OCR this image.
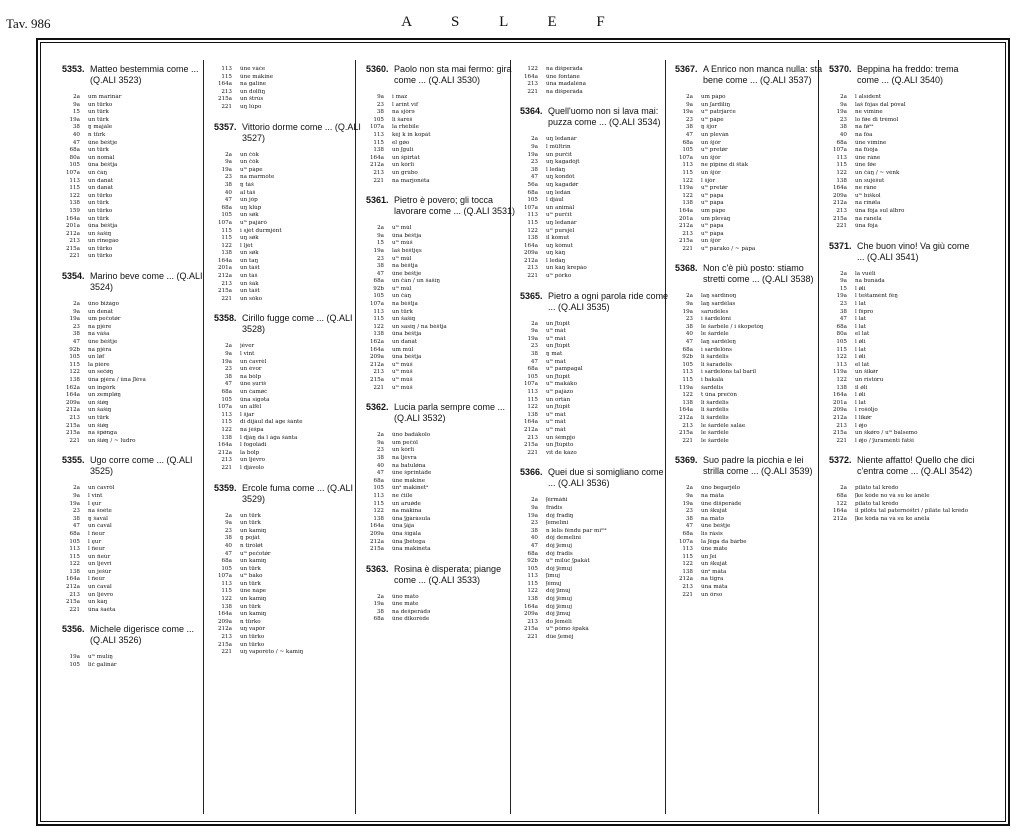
Tav. 986	A S L E F
5353. Matteo bestemmia come ... (Q.ALI 3523)
2a	um marinàr
9a	un türko
15	un türk
19a	un türk
38	ŋ majàle
40	n türk
47	ûne bèštje
68a	un türk
80a	un nomàl
105	ûna bèštja
107a	un čàŋ
113	un danàt
115	un danàt
122	un türko
138	un türk
159	un türko
164a	un türk
201a	ûna bèštja
212a	un šašìŋ
213	un rinegào
215a	un türko
221	un türko
5354. Marino beve come ... (Q.ALI 3524)
2a	ûno bižàgo
9a	un denàt
19a	um peĉotǿr
23	na pjère
38	na vàša
47	ûne bèštje
92b	na pjèra
105	un lǿf
115	la pière
122	un seĉǿŋ
138	ûna pjèra / ûna ʃlèva
162a	un ingòrk
164a	un zemplǿŋ
209a	un šiǿŋ
212a	un šašìŋ
213	un türk
215a	un šiǿŋ
215a	na špǿnga
221	un šiǿŋ / ~ lùdro
5355. Ugo corre come ... (Q.ALI 3525)
2a	un ćavròl
9a	l vint
19a	l ęur
23	na šoète
38	ŋ šavàl
47	un ćavàl
68a	l ñeur
105	l ęur
113	l ñeur
115	un ñeùr
122	un ljèvri
138	un ješùr
164a	l ñeùr
212a	un ćavàl
213	un ljèvro
215a	un kàŋ
221	ûna šaèta
5356. Michele digerisce come ... (Q.ALI 3526)
19a	uᵐ mulìŋ
105	lič galinàr
113	ûne vàće
115	ûne màkine
164a	na galìne
213	un dolfìŋ
215a	un štrùs
221	uŋ lùpo
5357. Vittorio dorme come ... (Q.ALI 3527)
2a	un čòk
9a	un čòk
19a	uᵐ pàpe
23	na marmòte
38	ŋ tàš
40	al tàš
47	un jòp
68a	uŋ klùp
105	un sǿk
107a	uᵐ pajàrò
115	i sjèt durmjènt
115	uŋ sǿk
122	l ljèt
138	un sǿk
164a	un taŋ
201a	un tàšt
212a	un tàš
213	un šàk
215a	un tàšt
221	un sòko
5358. Cirillo fugge come ... (Q.ALI 3528)
2a	jèver
9a	l vint
19a	un ćavrèl
23	un èvor
38	na bòlp
47	ûne ṣurìš
68a	un ćamǿć
105	ûna sìgǝta
107a	un alfèl
113	l šjar
115	di dijàul dal àge šànte
122	na jèšpa
138	l djàŋ da l àga šànta
164a	l fogolàdi
212a	la bòlp
213	un ljèvro
221	l djàvolo
5359. Ercole fuma come ... (Q.ALI 3529)
2a	un türk
9a	un türk
23	un kamìŋ
38	ŋ pojàt
40	n tiròlǿt
47	uᵐ pečotǿr
68a	un kamìŋ
105	un türk
107a	uᵐ bàko
113	un türk
115	ûne nàpe
122	un kamìŋ
138	un türk
164a	un kamìŋ
209a	n türko
212a	uŋ vapòr
213	un türko
215a	un türko
221	uŋ vaporèto / ~ kamìŋ
5360. Paolo non sta mai fermo: gira come ... (Q.ALI 3530)
9a	i maz
23	l arìnt vìf
38	na sjòrǝ
105	li šarèš
107a	la rhèbile
113	kèj k in kopàt
115	el gǿo
138	un ʃgulì
164a	un špirtàt
212a	un kòrli
213	un grùbo
221	na marjonèta
5361. Pietro è povero; gli tocca lavorare come ... (Q.ALI 3531)
2a	uᵐ mùl
9a	ûna bèštja
15	uᵐ mùš
19a	laš bèštjęs
23	uᵐ mùl
38	na bèštja
47	ûne bèštje
68a	un čàn / un šašìŋ
92b	uᵐ mùl
105	un čàŋ
107a	na bèštja
113	un türk
115	un šašìŋ
122	un sasìŋ / na bèštja
138	ûna bèštja
162a	un danàt
164a	um mùl
209a	ûna bèštja
212a	uᵐ mùš
213	uᵐ mùš
215a	uᵐ mùš
221	uᵐ mùš
5362. Lucia parla sempre come ... (Q.ALI 3532)
2a	ûno badàkolo
9a	um peĉòl
23	un kòrli
38	na ljèvra
40	na batulǿna
47	ûne šprintàde
68a	ûne màkine
105	ûnᵃ makinètᵃ
113	ne čiile
115	un aruǿde
122	na màkina
138	ûna ʃgàràsula
164a	ûna ʃàja
209a	ûna šigàla
212a	ûna ʃbètega
215a	ûna makinèta
5363. Rosina è disperata; piange come ... (Q.ALI 3533)
2a	ûno màto
19a	ûne màte
38	na dešperàdǝ
68a	ûne dikorède
122	na dišperàda
164a	ûne fontàne
213	ûna madalèna
221	na dišperàda
5364. Quell'uomo non si lava mai: puzza come ... (Q.ALI 3534)
2a	uŋ ledanàr
9a	l mültrìn
19a	un purčìt
23	uŋ kagadòjt
38	l ledàŋ
47	uŋ kondòt
56a	uŋ kagadǿr
68a	uŋ ledàn
105	l djàul
107a	un animàl
113	uᵐ purčìt
115	uŋ ledanàr
122	uᵐ pursjèl
138	il kòmut
164a	uŋ kòmut
209a	uŋ kàŋ
212a	l ledàŋ
213	un kàŋ krepào
221	uᵐ pòrko
5365. Pietro a ogni parola ride come ... (Q.ALI 3535)
2a	un ʃtùpit
9a	uᵐ màt
19a	uᵐ màt
23	un ʃtùpit
38	ŋ mat
47	uᵐ màt
68a	uᵐ pampagàl
105	un ʃtùpit
107a	uᵐ makàko
113	uᵐ pajàzo
115	un ortàn
122	un ʃtùpit
138	uᵐ màt
164a	uᵐ màt
212a	uᵐ màt
213	un šèmpjo
215a	un ʃtùpito
221	vìt de kàzo
5366. Quei due si somigliano come ... (Q.ALI 3536)
2a	ʃèrmàńi
9a	fràdis
19a	dòj fràdiŋ
23	ʃemelìni
38	n lèlis fèndu par mìᵐᵏ
40	dòj demelìni
47	dòj ʃemuj
68a	dòj fràdis
92b	uᵐ mìlùć ʃpakàt
105	dòj ʃèmuj
113	ʃìmuj
115	ʃèmuj
122	dòj ʃìmuj
138	dòj ʃèmuj
164a	dòj ʃèmuj
209a	dòj ʃìmuj
213	do ʃemèli
215a	uᵐ pòmo špakà
221	dùe ʃemèj
5367. A Enrico non manca nulla: sta bene come ... (Q.ALI 3537)
2a	um pàpo
9a	un ʃardilìŋ
19a	uᵐ patrjàrće
23	uᵐ pàpe
38	ŋ šjor
47	un plevàn
68a	un šjòr
105	uᵐ pretǿr
107a	un šjòr
113	ne pipìne di štàk
115	un šjòr
122	l šjòr
119a	uᵐ pretǿr
122	uᵐ pàpa
138	uᵐ pàpa
164a	um pàpe
201a	um plevàŋ
212a	uᵐ pàpa
213	uᵐ pàpa
215a	un šjòr
221	uᵐ pàrako / ~ pàpa
5368. Non c'è più posto: stiamo stretti come ... (Q.ALI 3538)
2a	laŋ sardìnoŋ
9a	laŋ sardèlas
19a	sarudèles
23	i šardelòni
38	le šarbèle / i škopetòŋ
40	le šardèle
47	laŋ sardèleŋ
68a	i sardelòns
92b	li šardèlis
105	li šaradèlis
113	i sardelòns tal baril
115	i bakalà
119a	šardèlis
122	t ûna preĉòn
138	li šardèlis
164a	li šardèlis
212a	li šardèlis
213	le šardèle salàe
215a	le šardèle
221	le šardèle
5369. Suo padre la picchia e lei strilla come ... (Q.ALI 3539)
2a	ûno begarjèlo
9a	na màta
19a	ûne dišperàde
23	un škujàt
38	na màtǝ
47	ûne bèštje
68a	lis ràsis
107a	la ʃèga da bàrbe
113	ûne màte
115	un ʃei
122	un škujàt
138	ûnᵃ màta
212a	na tigra
213	ûna màta
221	un ôrso
5370. Beppina ha freddo: trema come ... (Q.ALI 3540)
2a	l alsìdent
9a	laš fòjas dal pòval
19a	ne vìmine
23	lo fǿe di trèmol
38	na fǿᵘᵃ
40	na fòa
68a	ûne vìmine
107a	na fùòja
113	ûne ràne
115	ûne fǿe
122	un čàŋ / ~ vènk
138	un sujèšut
164a	ne ràne
209a	uᵐ bìškol
212a	na rìnǿla
213	ûna fòja sul àlbro
215a	na ranèla
221	ûna fòja
5371. Che buon vino! Va giù come ... (Q.ALI 3541)
2a	la vuèli
9a	na bunàda
15	l ǿli
19a	l teštamènt fèŋ
23	l lat
38	l fšpro
47	l lat
68a	l lat
80a	el làt
105	l ǿli
115	l lat
122	l ǿli
113	el làt
119a	un šikǿr
122	un ristòru
138	il ǿli
164a	l ǿli
201a	l lat
209a	l rošòljo
212a	l likǿr
213	l ǿjo
215a	un škǿro / uᵐ bàlsemo
221	l ǿjo / ʃuramènti fàtši
5372. Niente affatto! Quello che dici c'entra come ... (Q.ALI 3542)
2a	pilàto tal krèdo
68a	ʃke kòde no và su ke ànèle
122	pilàto tal krèdo
164a	il pilòtu tal paternòštri / pilàte tal krèdo
212a	ʃke kòda na và su ke anèla
